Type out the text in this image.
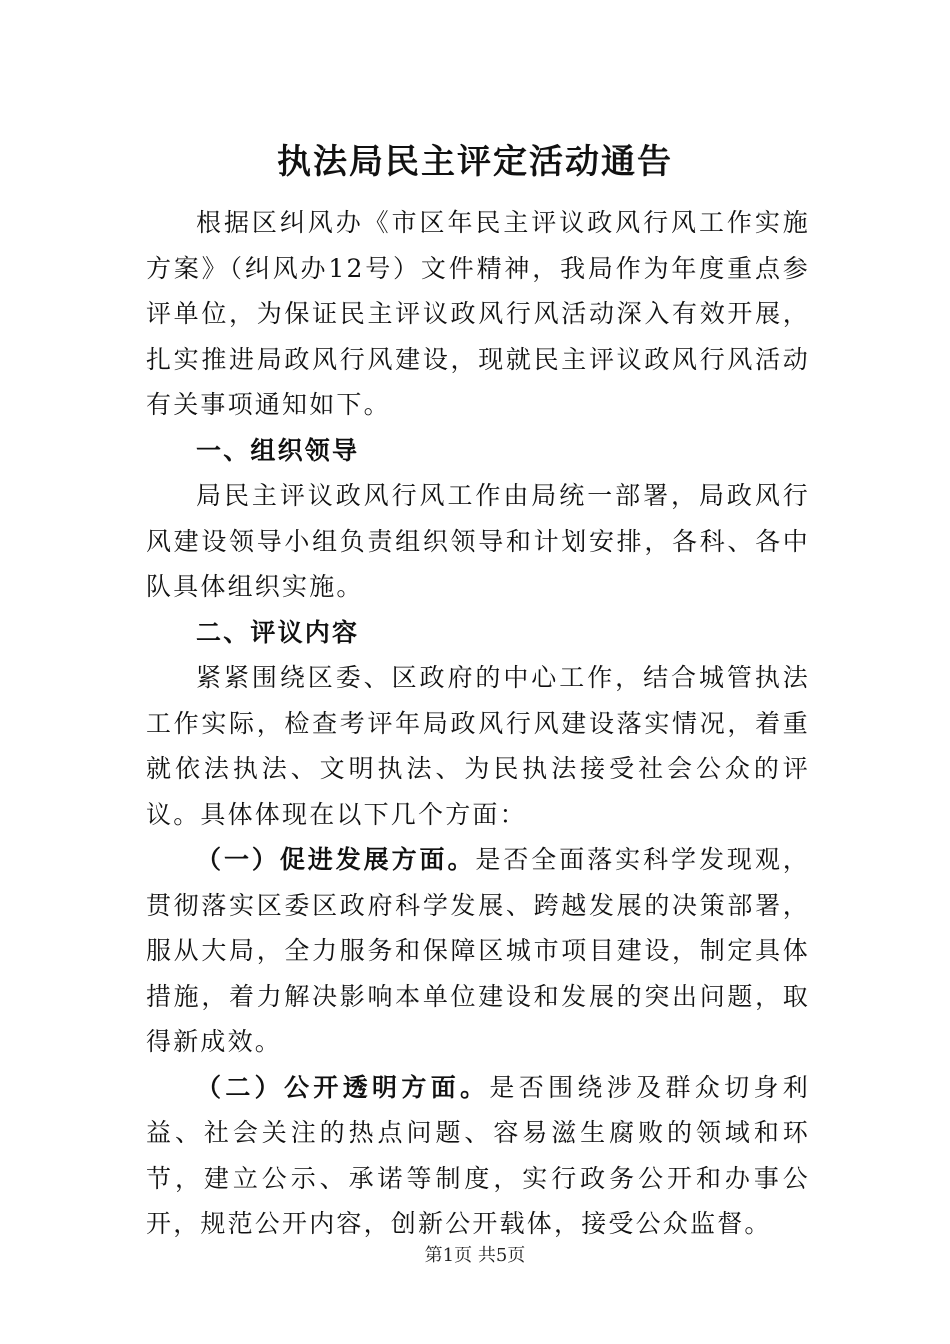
执法局民主评定活动通告

根据区纠风办《市区年民主评议政风行风工作实施方案》（纠风办12号）文件精神，我局作为年度重点参评单位，为保证民主评议政风行风活动深入有效开展，扎实推进局政风行风建设，现就民主评议政风行风活动有关事项通知如下。

一、组织领导

局民主评议政风行风工作由局统一部署，局政风行风建设领导小组负责组织领导和计划安排，各科、各中队具体组织实施。

二、评议内容

紧紧围绕区委、区政府的中心工作，结合城管执法工作实际，检查考评年局政风行风建设落实情况，着重就依法执法、文明执法、为民执法接受社会公众的评议。具体体现在以下几个方面：

（一）促进发展方面。是否全面落实科学发现观，贯彻落实区委区政府科学发展、跨越发展的决策部署，服从大局，全力服务和保障区城市项目建设，制定具体措施，着力解决影响本单位建设和发展的突出问题，取得新成效。

（二）公开透明方面。是否围绕涉及群众切身利益、社会关注的热点问题、容易滋生腐败的领域和环节，建立公示、承诺等制度，实行政务公开和办事公开，规范公开内容，创新公开载体，接受公众监督。

第1页 共5页
